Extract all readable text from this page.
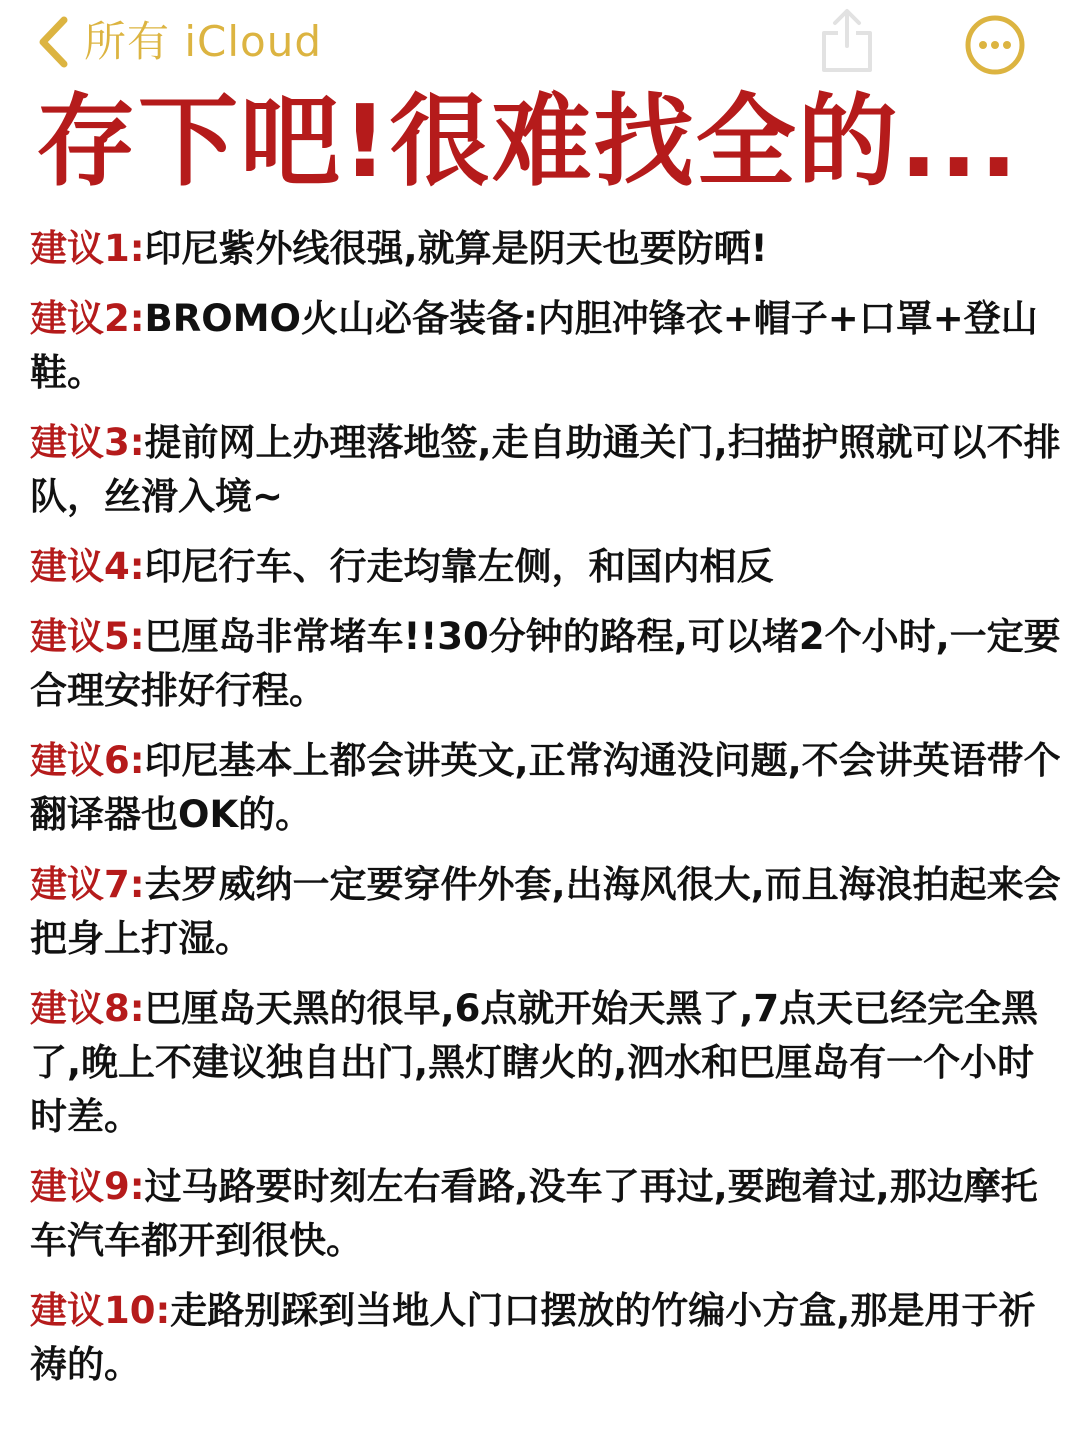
所有 iCloud
存下吧!很难找全的...
建议1:印尼紫外线很强,就算是阴天也要防晒!
建议2:BROMO火山必备装备:内胆冲锋衣+帽子+口罩+登山鞋。
建议3:提前网上办理落地签,走自助通关门,扫描护照就可以不排队，丝滑入境~
建议4:印尼行车、行走均靠左侧，和国内相反
建议5:巴厘岛非常堵车!!30分钟的路程,可以堵2个小时,一定要合理安排好行程。
建议6:印尼基本上都会讲英文,正常沟通没问题,不会讲英语带个翻译器也OK的。
建议7:去罗威纳一定要穿件外套,出海风很大,而且海浪拍起来会把身上打湿。
建议8:巴厘岛天黑的很早,6点就开始天黑了,7点天已经完全黑了,晚上不建议独自出门,黑灯瞎火的,泗水和巴厘岛有一个小时时差。
建议9:过马路要时刻左右看路,没车了再过,要跑着过,那边摩托车汽车都开到很快。
建议10:走路别踩到当地人门口摆放的竹编小方盒,那是用于祈祷的。
